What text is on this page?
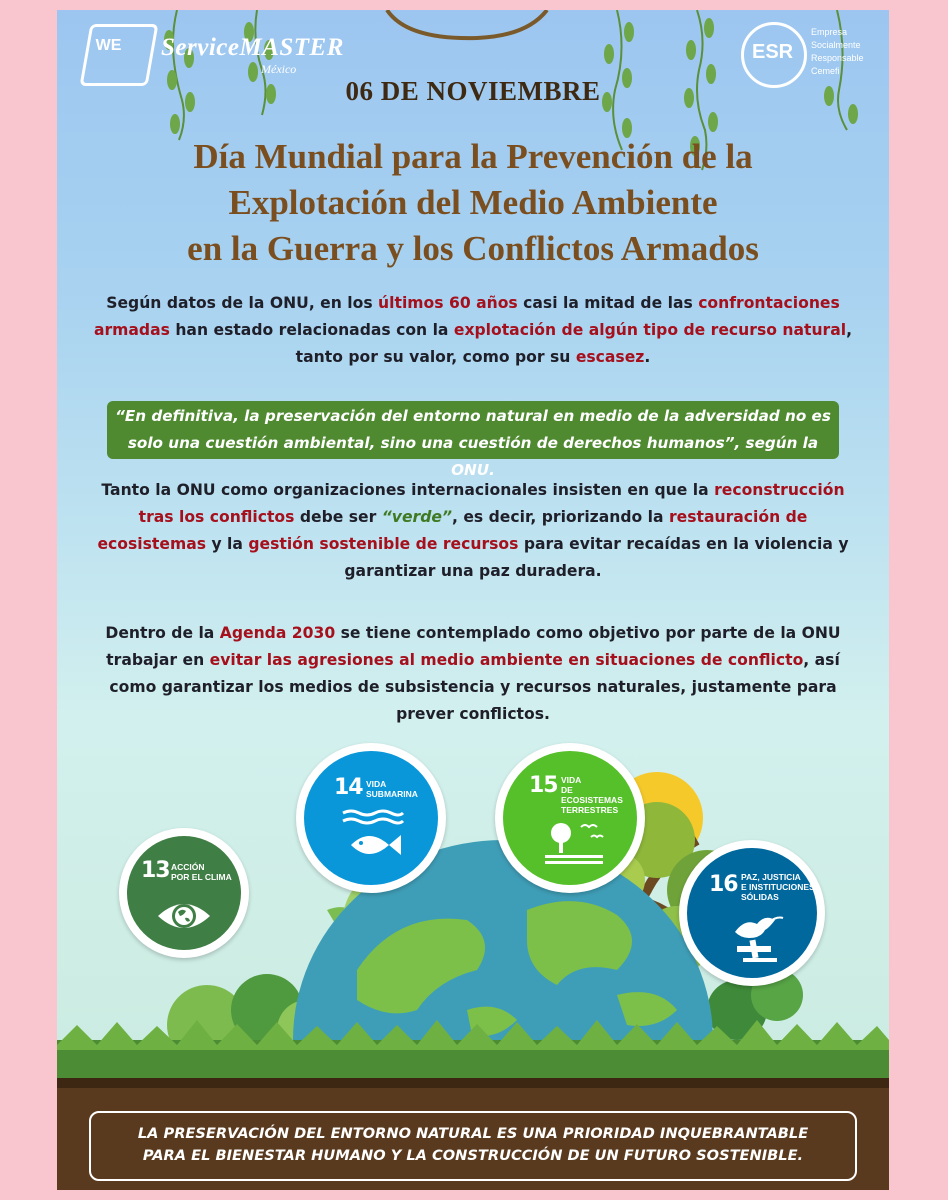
WE ServiceMASTER
México
ESR
Empresa
Socialmente
Responsable
Cemefi
06 DE NOVIEMBRE
Día Mundial para la Prevención de la
Explotación del Medio Ambiente
en la Guerra y los Conflictos Armados
Según datos de la ONU, en los últimos 60 años casi la mitad de las confrontaciones armadas han estado relacionadas con la explotación de algún tipo de recurso natural, tanto por su valor, como por su escasez.
“En definitiva, la preservación del entorno natural en medio de la adversidad no es solo una cuestión ambiental, sino una cuestión de derechos humanos”, según la ONU.
Tanto la ONU como organizaciones internacionales insisten en que la reconstrucción tras los conflictos debe ser “verde”, es decir, priorizando la restauración de ecosistemas y la gestión sostenible de recursos para evitar recaídas en la violencia y garantizar una paz duradera.
Dentro de la Agenda 2030 se tiene contemplado como objetivo por parte de la ONU trabajar en evitar las agresiones al medio ambiente en situaciones de conflicto, así como garantizar los medios de subsistencia y recursos naturales, justamente para prever conflictos.
13 ACCIÓN
POR EL CLIMA
14 VIDA
SUBMARINA	15 VIDA
DE ECOSISTEMAS
TERRESTRES
16 PAZ, JUSTICIA
E INSTITUCIONES
SÓLIDAS
LA PRESERVACIÓN DEL ENTORNO NATURAL ES UNA PRIORIDAD INQUEBRANTABLE
PARA EL BIENESTAR HUMANO Y LA CONSTRUCCIÓN DE UN FUTURO SOSTENIBLE.
